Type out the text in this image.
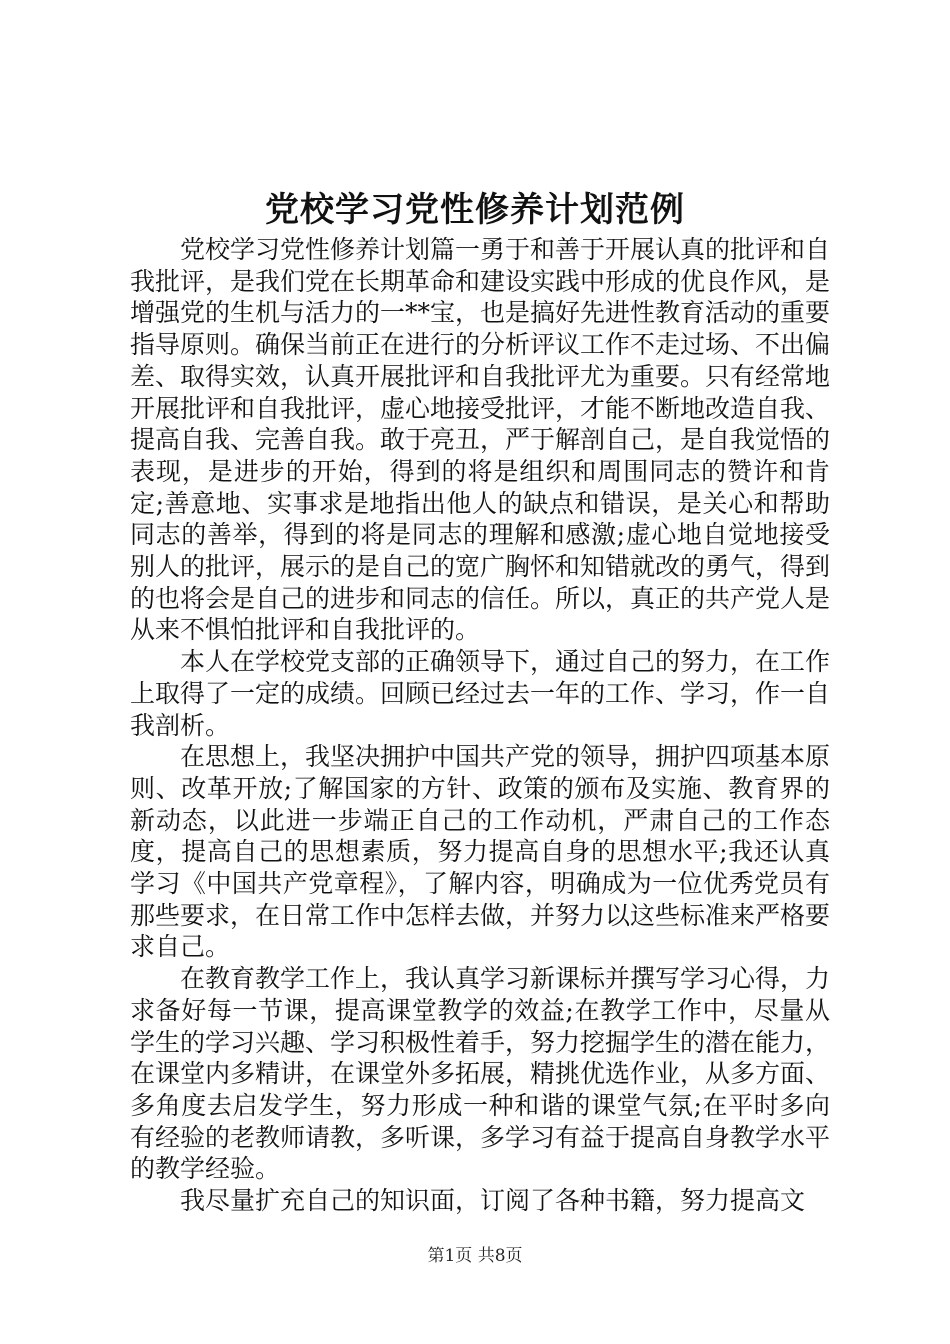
党校学习党性修养计划范例

党校学习党性修养计划篇一勇于和善于开展认真的批评和自我批评，是我们党在长期革命和建设实践中形成的优良作风，是增强党的生机与活力的一**宝，也是搞好先进性教育活动的重要指导原则。确保当前正在进行的分析评议工作不走过场、不出偏差、取得实效，认真开展批评和自我批评尤为重要。只有经常地开展批评和自我批评，虚心地接受批评，才能不断地改造自我、提高自我、完善自我。敢于亮丑，严于解剖自己，是自我觉悟的表现，是进步的开始，得到的将是组织和周围同志的赞许和肯定;善意地、实事求是地指出他人的缺点和错误，是关心和帮助同志的善举，得到的将是同志的理解和感激;虚心地自觉地接受别人的批评，展示的是自己的宽广胸怀和知错就改的勇气，得到的也将会是自己的进步和同志的信任。所以，真正的共产党人是从来不惧怕批评和自我批评的。

本人在学校党支部的正确领导下，通过自己的努力，在工作上取得了一定的成绩。回顾已经过去一年的工作、学习，作一自我剖析。

在思想上，我坚决拥护中国共产党的领导，拥护四项基本原则、改革开放;了解国家的方针、政策的颁布及实施、教育界的新动态，以此进一步端正自己的工作动机，严肃自己的工作态度，提高自己的思想素质，努力提高自身的思想水平;我还认真学习《中国共产党章程》，了解内容，明确成为一位优秀党员有那些要求，在日常工作中怎样去做，并努力以这些标准来严格要求自己。

在教育教学工作上，我认真学习新课标并撰写学习心得，力求备好每一节课，提高课堂教学的效益;在教学工作中，尽量从学生的学习兴趣、学习积极性着手，努力挖掘学生的潜在能力，在课堂内多精讲，在课堂外多拓展，精挑优选作业，从多方面、多角度去启发学生，努力形成一种和谐的课堂气氛;在平时多向有经验的老教师请教，多听课，多学习有益于提高自身教学水平的教学经验。

我尽量扩充自己的知识面，订阅了各种书籍，努力提高文

第1页 共8页
